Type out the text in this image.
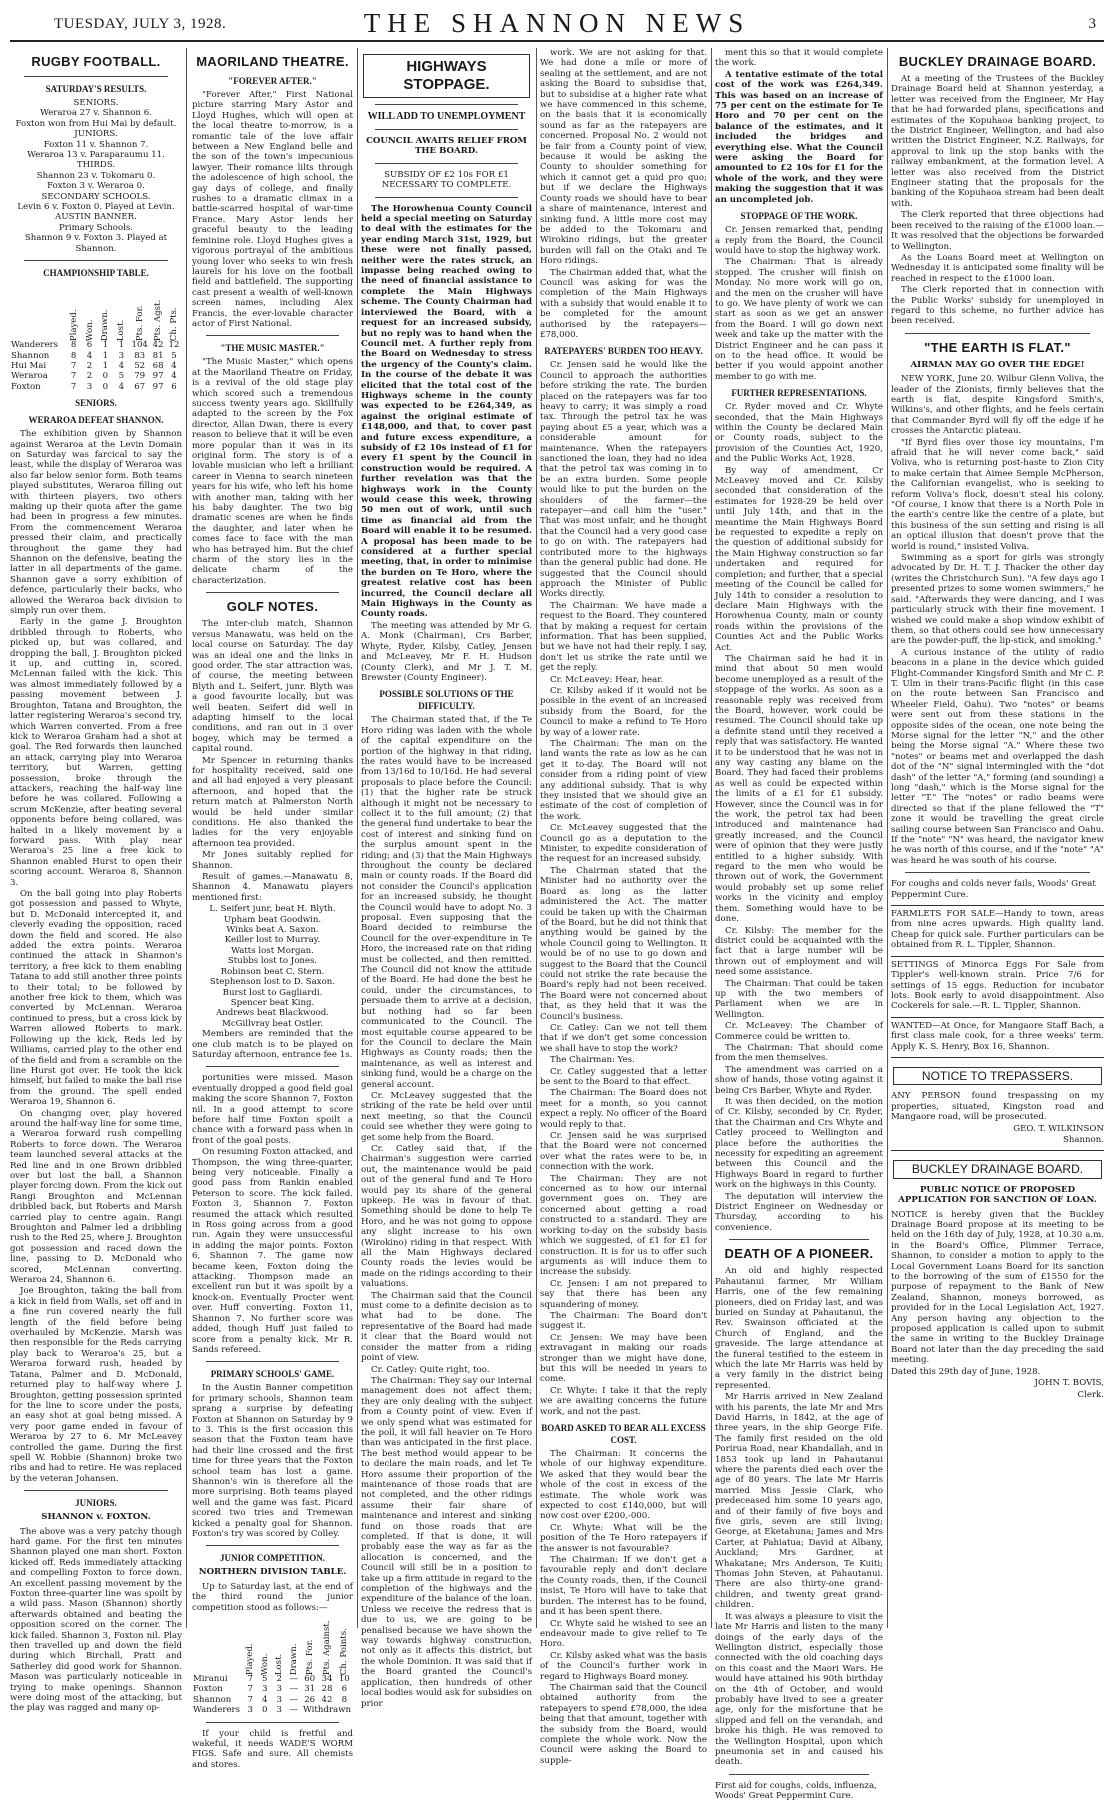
TUESDAY, JULY 3, 1928.	THE SHANNON NEWS	3
RUGBY FOOTBALL.
SATURDAY'S RESULTS.
SENIORS.
Weraroa 27 v. Shannon 6.
Foxton won from Hui Mai by default.
JUNIORS.
Foxton 11 v. Shannon 7.
Weraroa 13 v. Paraparaumu 11.
THIRDS.
Shannon 23 v. Tokomaru 0.
Foxton 3 v. Weraroa 0.
SECONDARY SCHOOLS.
Levin 6 v. Foxton 0. Played at Levin.
AUSTIN BANNER.
Primary Schools.
Shannon 9 v. Foxton 3. Played at Shannon.
CHAMPIONSHIP TABLE.
	Played.	Won.	Drawn.	Lost.	Pts. For.	Pts. Agst.	Ch. Pts.
Wanderers	8	6	1	1	104	42	12
Shannon	8	4	1	3	83	81	5
Hui Mai	7	2	1	4	52	68	4
Weraroa	7	2	0	5	79	97	4
Foxton	7	3	0	4	67	97	6
SENIORS.
WERAROA DEFEAT SHANNON.

The exhibition given by Shannon against Weraroa at the Levin Domain on Saturday was farcical to say the least, while the display of Weraroa was also far below senior form. Both teams played substitutes, Weraroa filling out with thirteen players, two others making up their quota after the game had been in progress a few minutes. From the commencement Weraroa pressed their claim, and practically throughout the game they had Shannon on the defensive, beating the latter in all departments of the game. Shannon gave a sorry exhibition of defence, particularly their backs, who allowed the Weraroa back division to simply run over them.

Early in the game J. Broughton dribbled through to Roberts, who picked up, but was collared, and dropping the ball, J. Broughton picked it up, and cutting in, scored. McLennan failed with the kick. This was almost immediately followed by a passing movement between J. Broughton, Tatana and Broughton, the latter registering Weraroa's second try, which Warren converted. From a free kick to Weraroa Graham had a shot at goal. The Red forwards then launched an attack, carrying play into Weraroa territory, but Warren, getting possession, broke through the attackers, reaching the half-way line before he was collared. Following a scrum McKenzie, after beating several opponents before being collared, was halted in a likely movement by a forward pass. With play near Weraroa's 25 line a free kick to Shannon enabled Hurst to open their scoring account. Weraroa 8, Shannon 3.

On the ball going into play Roberts got possession and passed to Whyte, but D. McDonald intercepted it, and cleverly evading the opposition, raced down the field and scored. He also added the extra points. Weraroa continued the attack in Shannon's territory, a free kick to them enabling Tatana to add still another three points to their total; to be followed by another free kick to them, which was converted by McLennan. Weraroa continued to press, but a cross kick by Warren allowed Roberts to mark. Following up the kick, Reds led by Williams, carried play to the other end of the field and from a scramble on the line Hurst got over. He took the kick himself, but failed to make the ball rise from the ground. The spell ended Weraroa 19, Shannon 6.

On changing over, play hovered around the half-way line for some time, a Weraroa forward rush compelling Roberts to force down. The Weraroa team launched several attacks at the Red line and in one Brown dribbled over but lost the ball, a Shannon player forcing down. From the kick out Rangi Broughton and McLennan dribbled back, but Roberts and Marsh carried play to centre again. Rangi Broughton and Palmer led a dribbling rush to the Red 25, where J. Broughton got possession and raced down the line, passing to D. McDonald who scored, McLennan converting. Weraroa 24, Shannon 6.

Joe Broughton, taking the ball from a kick in field from Walls, set off and in a fine run covered nearly the full length of the field before being overhauled by McKenzie. Marsh was then responsible for the Reds carrying play back to Weraroa's 25, but a Weraroa forward rush, headed by Tatana, Palmer and D. McDonald, returned play to half-way where J. Broughton, getting possession sprinted for the line to score under the posts, an easy shot at goal being missed. A very poor game ended in favour of Weraroa by 27 to 6. Mr McLeavey controlled the game. During the first spell W. Robbie (Shannon) broke two ribs and had to retire. He was replaced by the veteran Johansen.

JUNIORS.
SHANNON v. FOXTON.

The above was a very patchy though hard game. For the first ten minutes Shannon played one man short. Foxton kicked off. Reds immediately attacking and compelling Foxton to force down. An excellent passing movement by the Foxton three-quarter line was spoilt by a wild pass. Mason (Shannon) shortly afterwards obtained and beating the opposition scored on the corner. The kick failed. Shannon 3, Foxton nil. Play then travelled up and down the field during which Birchall, Pratt and Satherley did good work for Shannon. Mason was particularly noticeable in trying to make openings. Shannon were doing most of the attacking, but the play was ragged and many op-

MAORILAND THEATRE.
"FOREVER AFTER."

"Forever After," First National picture starring Mary Astor and Lloyd Hughes, which will open at the local theatre to-morrow, is a romantic tale of the love affair between a New England belle and the son of the town's impecunious lawyer. Their romance lilts through the adolescence of high school, the gay days of college, and finally rushes to a dramatic climax in a battle-scarred hospital of war-time France. Mary Astor lends her graceful beauty to the leading feminine role. Lloyd Hughes gives a vigorous portrayal of the ambitious young lover who seeks to win fresh laurels for his love on the football field and battlefield. The supporting cast present a wealth of well-known screen names, including Alex Francis, the ever-lovable character actor of First National.

"THE MUSIC MASTER."

"The Music Master," which opens at the Maoriland Theatre on Friday, is a revival of the old stage play which scored such a tremendous success twenty years ago. Skillfully adapted to the screen by the Fox director, Allan Dwan, there is every reason to believe that it will be even more popular than it was in its original form. The story is of a lovable musician who left a brilliant career in Vienna to search nineteen years for his wife, who left his home with another man, taking with her his baby daughter. The two big dramatic scenes are when he finds the daughter, and later when he comes face to face with the man who has betrayed him. But the chief charm of the story lies in the delicate charm of the characterization.

GOLF NOTES.

The inter-club match, Shannon versus Manawatu, was held on the local course on Saturday. The day was an ideal one and the links in good order. The star attraction was, of course, the meeting between Blyth and L. Seifert, junr. Blyth was a good favourite locally, but was well beaten. Seifert did well in adapting himself to the local conditions, and ran out in 3 over bogey, which may be termed a capital round.

Mr Spencer in returning thanks for hospitality received, said one and all had enjoyed a very pleasant afternoon, and hoped that the return match at Palmerston North would be held under similar conditions. He also thanked the ladies for the very enjoyable afternoon tea provided.

Mr Jones suitably replied for Shannon.

Result of games.—Manawatu 8, Shannon 4. Manawatu players mentioned first:

L. Seifert junr, beat H. Blyth.
Upham beat Goodwin.
Winks beat A. Saxon.
Keiller lost to Murray.
Watts lost Morgan.
Stubbs lost to Jones.
Robinson beat C. Stern.
Stephenson lost to D. Saxon.
Burst lost to Gagliardi.
Spencer beat King.
Andrews beat Blackwood.
McGillvray beat Ostler.

Members are reminded that the one club match is to be played on Saturday afternoon, entrance fee 1s.

portunities were missed. Mason eventually dropped a good field goal making the score Shannon 7, Foxton nil. In a good attempt to score before half time Foxton spoilt a chance with a forward pass when in front of the goal posts.

On resuming Foxton attacked, and Thompson, the wing three-quarter, being very noticeable. Finally a good pass from Rankin enabled Peterson to score. The kick failed. Foxton 3, Shannon 7. Foxton resumed the attack which resulted in Ross going across from a good run. Again they were unsuccessful in adding the major points. Foxton 6, Shannon 7. The game now became keen, Foxton doing the attacking. Thompson made an excellent run but it was spoilt by a knock-on. Eventually Procter went over. Huff converting. Foxton 11, Shannon 7. No further score was added, though Huff just failed to score from a penalty kick. Mr R. Sands refereed.

PRIMARY SCHOOLS' GAME.

In the Austin Banner competition for primary schools, Shannon team sprang a surprise by defeating Foxton at Shannon on Saturday by 9 to 3. This is the first occasion this season that the Foxton team have had their line crossed and the first time for three years that the Foxton school team has lost a game. Shannon's win is therefore all the more surprising. Both teams played well and the game was fast. Picard scored two tries and Tremewan kicked a penalty goal for Shannon. Foxton's try was scored by Colley.

JUNIOR COMPETITION.
NORTHERN DIVISION TABLE.

Up to Saturday last, at the end of the third round the junior competition stood as follows:—

	Played.	Won.	Lost.	Drawn.	Pts. For.	Pts. Against.	Ch. Points.
Miranui	7	5	2	—	60	34	10
Foxton	7	3	3	—	31	28	6
Shannon	7	4	3	—	26	42	8
Wanderers	3	0	3	—	Withdrawn		

If your child is fretful and wakeful, it needs WADE'S WORM FIGS. Safe and sure. All chemists and stores.

HIGHWAYS STOPPAGE.
WILL ADD TO UNEMPLOYMENT
COUNCIL AWAITS RELIEF FROM THE BOARD.
SUBSIDY OF £2 10s FOR £1 NECESSARY TO COMPLETE.

The Horowhenua County Council held a special meeting on Saturday to deal with the estimates for the year ending March 31st, 1929, but these were not finally passed, neither were the rates struck, an impasse being reached owing to the need of financial assistance to complete the Main Highways scheme. The County Chairman had interviewed the Board, with a request for an increased subsidy, but no reply was to hand when the Council met. A further reply from the Board on Wednesday to stress the urgency of the County's claim. In the course of the debate it was elicited that the total cost of the Highways scheme in the county was expected to be £264,349, as against the original estimate of £148,000, and that, to cover past and future excess expenditure, a subsidy of £2 10s instead of £1 for every £1 spent by the Council in construction would be required. A further revelation was that the highways work in the County would cease this week, throwing 50 men out of work, until such time as financial aid from the Board will enable it to be resumed. A proposal has been made to be considered at a further special meeting, that, in order to minimise the burden on Te Horo, where the greatest relative cost has been incurred, the Council declare all Main Highways in the County as County roads.

The meeting was attended by Mr G. A. Monk (Chairman), Crs Barber, Whyte, Ryder, Kilsby, Catley, Jensen and McLeavey, Mr F. H. Hudson (County Clerk), and Mr J. T. M. Brewster (County Engineer).

POSSIBLE SOLUTIONS OF THE DIFFICULTY.

The Chairman stated that, if the Te Horo riding was laden with the whole of the capital expenditure on the portion of the highway in that riding, the rates would have to be increased from 13/16d to 10/16d. He had several proposals to place before the Council: (1) that the higher rate be struck although it might not be necessary to collect it to the full amount; (2) that the general fund undertake to bear the cost of interest and sinking fund on the surplus amount spent in the riding; and (3) that the Main Highways throughout the county be declared main or county roads. If the Board did not consider the Council's application for an increased subsidy, he thought the Council would have to adopt No. 3 proposal. Even supposing that the Board decided to reimburse the Council for the over-expenditure in Te Horo, the increased rate on that riding must be collected, and then remitted. The Council did not know the attitude of the Board. He had done the best he could, under the circumstances, to persuade them to arrive at a decision, but nothing had so far been communicated to the Council. The most equitable course appeared to be for the Council to declare the Main Highways as County roads; then the maintenance, as well as interest and sinking fund, would be a charge on the general account.

Cr. McLeavey suggested that the striking of the rate be held over until next meeting, so that the Council could see whether they were going to get some help from the Board.

Cr. Catley said that, if the Chairman's suggestion were carried out, the maintenance would be paid out of the general fund and Te Horo would pay its share of the general upkeep. He was in favour of that. Something should be done to help Te Horo, and he was not going to oppose any slight increase to his own (Wirokino) riding in that respect. With all the Main Highways declared County roads the levies would be made on the ridings according to their valuations.

The Chairman said that the Council must come to a definite decision as to what had to be done. The representative of the Board had made it clear that the Board would not consider the matter from a riding point of view.

Cr. Catley: Quite right, too.

The Chairman: They say our internal management does not affect them; they are only dealing with the subject from a County point of view. Even if we only spend what was estimated for the poll, it will fall heavier on Te Horo than was anticipated in the first place. The best method would appear to be to declare the main roads, and let Te Horo assume their proportion of the maintenance of those roads that are not completed, and the other ridings assume their fair share of maintenance and interest and sinking fund on those roads that are completed. If that is done, it will probably ease the way as far as the allocation is concerned, and the Council will still be in a position to take up a firm attitude in regard to the completion of the highways and the expenditure of the balance of the loan. Unless we receive the redress that is due to us, we are going to be penalised because we have shown the way towards highway construction, not only as it affects this district, but the whole Dominion. It was said that if the Board granted the Council's application, then hundreds of other local bodies would ask for subsidies on prior

work. We are not asking for that. We had done a mile or more of sealing at the settlement, and are not asking the Board to subsidise that, but to subsidise at a higher rate what we have commenced in this scheme, on the basis that it is economically sound as far as the ratepayers are concerned. Proposal No. 2 would not be fair from a County point of view, because it would be asking the County to shoulder something for which it cannot get a quid pro quo; but if we declare the Highways County roads we should have to bear a share of maintenance, interest and sinking fund. A little more cost may be added to the Tokomaru and Wirokino ridings, but the greater burden will fall on the Otaki and Te Horo ridings.

The Chairman added that, what the Council was asking for was the completion of the Main Highways with a subsidy that would enable it to be completed for the amount authorised by the ratepayers—£78,000.

RATEPAYERS' BURDEN TOO HEAVY.

Cr. Jensen said he would like the Council to approach the authorities before striking the rate. The burden placed on the ratepayers was far too heavy to carry; it was simply a road tax. Through the petrol tax he was paying about £5 a year, which was a considerable amount for maintenance. When the ratepayers sanctioned the loan, they had no idea that the petrol tax was coming in to be an extra burden. Some people would like to put the burden on the shoulders of the farmer—the ratepayer—and call him the "user." That was most unfair, and he thought that the Council had a very good case to go on with. The ratepayers had contributed more to the highways than the general public had done. He suggested that the Council should approach the Minister of Public Works directly.

The Chairman: We have made a request to the Board. They countered that by making a request for certain information. That has been supplied, but we have not had their reply. I say, don't let us strike the rate until we get the reply.

Cr. McLeavey: Hear, hear.

Cr. Kilsby asked if it would not be possible in the event of an increased subsidy from the Board, for the Council to make a refund to Te Horo by way of a lower rate.

The Chairman: The man on the land wants the rate as low as he can get it to-day. The Board will not consider from a riding point of view any additional subsidy. That is why they insisted that we should give an estimate of the cost of completion of the work.

Cr. McLeavey suggested that the Council go as a deputation to the Minister, to expedite consideration of the request for an increased subsidy.

The Chairman stated that the Minister had no authority over the Board as long as the latter administered the Act. The matter could be taken up with the Chairman of the Board, but he did not think that anything would be gained by the whole Council going to Wellington. It would be of no use to go down and suggest to the Board that the Council could not strike the rate because the Board's reply had not been received. The Board were not concerned about that, as they held that it was the Council's business.

Cr. Catley: Can we not tell them that if we don't get some concession we shall have to stop the work?

The Chairman: Yes.

Cr. Catley suggested that a letter be sent to the Board to that effect.

The Chairman: The Board does not meet for a month, so you cannot expect a reply. No officer of the Board would reply to that.

Cr. Jensen said he was surprised that the Board were not concerned over what the rates were to be, in connection with the work.

The Chairman: They are not concerned as to how our internal government goes on. They are concerned about getting a road constructed to a standard. They are working to-day on the subsidy basis which we suggested, of £1 for £1 for construction. It is for us to offer such arguments as will induce them to increase the subsidy.

Cr. Jensen: I am not prepared to say that there has been any squandering of money.

The Chairman: The Board don't suggest it.

Cr. Jensen: We may have been extravagant in making our roads stronger than we might have done, but this will be needed in years to come.

Cr. Whyte: I take it that the reply we are awaiting concerns the future work, and not the past.

BOARD ASKED TO BEAR ALL EXCESS COST.

The Chairman: It concerns the whole of our highway expenditure. We asked that they would bear the whole of the cost in excess of the estimate. The whole work was expected to cost £140,000, but will now cost over £200,-000.

Cr. Whyte: What will be the position of the Te Horo ratepayers if the answer is not favourable?

The Chairman: If we don't get a favourable reply and don't declare the County roads, then, if the Council insist, Te Horo will have to take that burden. The interest has to be found, and it has been spent there.

Cr. Whyte said he wished to see an endeavour made to give relief to Te Horo.

Cr. Kilsby asked what was the basis of the Council's further work in regard to Highways Board money.

The Chairman said that the Council obtained authority from the ratepayers to spend £78,000, the idea being that that amount, together with the subsidy from the Board, would complete the whole work. Now the Council were asking the Board to supple-

ment this so that it would complete the work.

A tentative estimate of the total cost of the work was £264,349. This was based on an increase of 75 per cent on the estimate for Te Horo and 70 per cent on the balance of the estimates, and it included the bridges and everything else. What the Council were asking the Board for amounted to £2 10s for £1 for the whole of the work, and they were making the suggestion that it was an uncompleted job.

STOPPAGE OF THE WORK.

Cr. Jensen remarked that, pending a reply from the Board, the Council would have to stop the highway work.

The Chairman: That is already stopped. The crusher will finish on Monday. No more work will go on, and the men on the crusher will have to go. We have plenty of work we can start as soon as we get an answer from the Board. I will go down next week and take up the matter with the District Engineer and he can pass it on to the head office. It would be better if you would appoint another member to go with me.

FURTHER REPRESENTATIONS.

Cr. Ryder moved and Cr. Whyte seconded, that the Main Highways within the County be declared Main or County roads, subject to the provision of the Counties Act, 1920, and the Public Works Act, 1928.

By way of amendment, Cr McLeavey moved and Cr. Kilsby seconded that consideration of the estimates for 1928-29 be held over until July 14th, and that in the meantime the Main Highways Board be requested to expedite a reply on the question of additional subsidy for the Main Highway construction so far undertaken and required for completion; and further, that a special meeting of the Council be called for July 14th to consider a resolution to declare Main Highways with the Horowhenua County, main or county roads within the provisions of the Counties Act and the Public Works Act.

The Chairman said he had it in mind that about 50 men would become unemployed as a result of the stoppage of the works. As soon as a reasonable reply was received from the Board, however, work could be resumed. The Council should take up a definite stand until they received a reply that was satisfactory. He wanted it to be understood that he was not in any way casting any blame on the Board. They had faced their problems as well as could be expected within the limits of a £1 for £1 subsidy. However, since the Council was in for the work, the petrol tax had been introduced and maintenance had greatly increased, and the Council were of opinion that they were justly entitled to a higher subsidy. With regard to the men who would be thrown out of work, the Government would probably set up some relief works in the vicinity and employ them. Something would have to be done.

Cr. Kilsby: The member for the district could be acquainted with the fact that a large number will be thrown out of employment and will need some assistance.

The Chairman: That could be taken up with the two members of Parliament when we are in Wellington.

Cr. McLeavey: The Chamber of Commerce could be written to.

The Chairman: That should come from the men themselves.

The amendment was carried on a show of hands, those voting against it being Crs Barber, Whyte and Ryder.

It was then decided, on the motion of Cr. Kilsby, seconded by Cr. Ryder, that the Chairman and Crs Whyte and Catley proceed to Wellington and place before the authorities the necessity for expediting an agreement between this Council and the Highways Board in regard to further work on the highways in this County.

The deputation will interview the District Engineer on Wednesday or Thursday, according to his convenience.

DEATH OF A PIONEER.

An old and highly respected Pahautanui farmer, Mr William Harris, one of the few remaining pioneers, died on Friday last, and was buried on Sunday at Pahautanui, the Rev. Swainson officiated at the Church of England, and the graveside. The large attendance at the funeral testified to the esteem in which the late Mr Harris was held by a very family in the district being represented.

Mr Harris arrived in New Zealand with his parents, the late Mr and Mrs David Harris, in 1842, at the age of three years, in the ship George Fife. The family first resided on the old Porirua Road, near Khandallah, and in 1853 took up land in Pahautanui where the parents died each over the age of 80 years. The late Mr Harris married Miss Jessie Clark, who predeceased him some 10 years ago, and of their family of five boys and five girls, seven are still living; George, at Eketahuna; James and Mrs Carter, at Pahiatua; David at Albany, Auckland; Mrs Gardner, at Whakatane; Mrs Anderson, Te Kuiti; Thomas John Steven, at Pahautanui. There are also thirty-one grand-children, and twenty great grand-children.

It was always a pleasure to visit the late Mr Harris and listen to the many doings of the early days of the Wellington district, especially those connected with the old coaching days on this coast and the Maori Wars. He would have attained his 90th birthday on the 4th of October, and would probably have lived to see a greater age, only for the misfortune that he slipped and fell on the verandah, and broke his thigh. He was removed to the Wellington Hospital, upon which pneumonia set in and caused his death.

First aid for coughs, colds, influenza, Woods' Great Peppermint Cure.

BUCKLEY DRAINAGE BOARD.

At a meeting of the Trustees of the Buckley Drainage Board held at Shannon yesterday, a letter was received from the Engineer, Mr Hay that he had forwarded plans, specifications and estimates of the Kopuhaoa banking project, to the District Engineer, Wellington, and had also written the District Engineer, N.Z. Railways, for approval to link up the stop banks with the railway embankment, at the formation level. A letter was also received from the District Engineer stating that the proposals for the banking of the Kopuhaoa stream had been dealt with.

The Clerk reported that three objections had been received to the raising of the £1000 loan.—It was resolved that the objections be forwarded to Wellington.

As the Loans Board meet at Wellington on Wednesday it is anticipated some finality will be reached in respect to the £1000 loan.

The Clerk reported that in connection with the Public Works' subsidy for unemployed in regard to this scheme, no further advice has been received.

"THE EARTH IS FLAT."
AIRMAN MAY GO OVER THE EDGE!

NEW YORK, June 20. Wilbur Glenn Voliva, the leader of the Zionists, firmly believes that the earth is flat, despite Kingsford Smith's, Wilkins's, and other flights, and he feels certain that Commander Byrd will fly off the edge if he crosses the Antarctic plateau.

"If Byrd flies over those icy mountains, I'm afraid that he will never come back," said Voliva, who is returning post-haste to Zion City to make certain that Aimee Semple McPherson, the Californian evangelist, who is seeking to reform Voliva's flock, doesn't steal his colony. "Of course, I know that there is a North Pole in the earth's centre like the centre of a plate, but this business of the sun setting and rising is all an optical illusion that doesn't prove that the world is round," insisted Voliva.

Swimming as a sport for girls was strongly advocated by Dr. H. T. J. Thacker the other day (writes the Christchurch Sun). "A few days ago I presented prizes to some women swimmers," he said. "Afterwards they were dancing, and I was particularly struck with their fine movement. I wished we could make a shop window exhibit of them, so that others could see how unnecessary are the powder-puff, the lip-stick, and smoking."

A curious instance of the utility of radio beacons in a plane in the device which guided Flight-Commander Kingsford Smith and Mr C. P. T. Ulm in their trans-Pacific flight (in this case on the route between San Francisco and Wheeler Field, Oahu). Two "notes" or beams were sent out from these stations in the opposite sides of the ocean, one note being the Morse signal for the letter "N," and the other being the Morse signal "A." Where these two "notes" or beams met and overlapped the dash dot of the "N" signal intermingled with the "dot dash" of the letter "A," forming (and sounding) a long "dash," which is the Morse signal for the letter "T." The "notes" or radio beams were directed so that if the plane fellowed the "T" zone it would be travelling the great circle sailing course between San Francisco and Oahu. If the "note" "N" was heard, the navigator knew he was north of this course, and if the "note" "A" was heard he was south of his course.

For coughs and colds never fails, Woods' Great Peppermint Cure.

FARMLETS FOR SALE—Handy to town, areas from nine acres upwards. High quality land. Cheap for quick sale. Further particulars can be obtained from R. L. Tippler, Shannon.

SETTINGS of Minorca Eggs For Sale from Tippler's well-known strain. Price 7/6 for settings of 15 eggs. Reduction for incubator lots. Book early to avoid disappointment. Also Cockerels for sale.—R. L. Tippler, Shannon.

WANTED—At Once, for Mangaore Staff Bach, a first class male cook, for a three weeks' term. Apply K. S. Henry, Box 16, Shannon.

NOTICE TO TREPASSERS.

ANY PERSON found trespassing on my properties, situated, Kingston road and Mangaore road, will be prosecuted.

GEO. T. WILKINSON

Shannon.

BUCKLEY DRAINAGE BOARD.
PUBLIC NOTICE OF PROPOSED APPLICATION FOR SANCTION OF LOAN.

NOTICE is hereby given that the Buckley Drainage Board propose at its meeting to be held on the 16th day of July, 1928, at 10.30 a.m. in the Board's Office, Plimmer Terrace, Shannon, to consider a motion to apply to the Local Government Loans Board for its sanction to the borrowing of the sum of £1550 for the purpose of repayment to the Bank of New Zealand, Shannon, moneys borrowed, as provided for in the Local Legislation Act, 1927. Any person having any objection to the proposed application is called upon to submit the same in writing to the Buckley Drainage Board not later than the day preceding the said meeting.

Dated this 29th day of June, 1928.

JOHN T. BOVIS,

Clerk.
